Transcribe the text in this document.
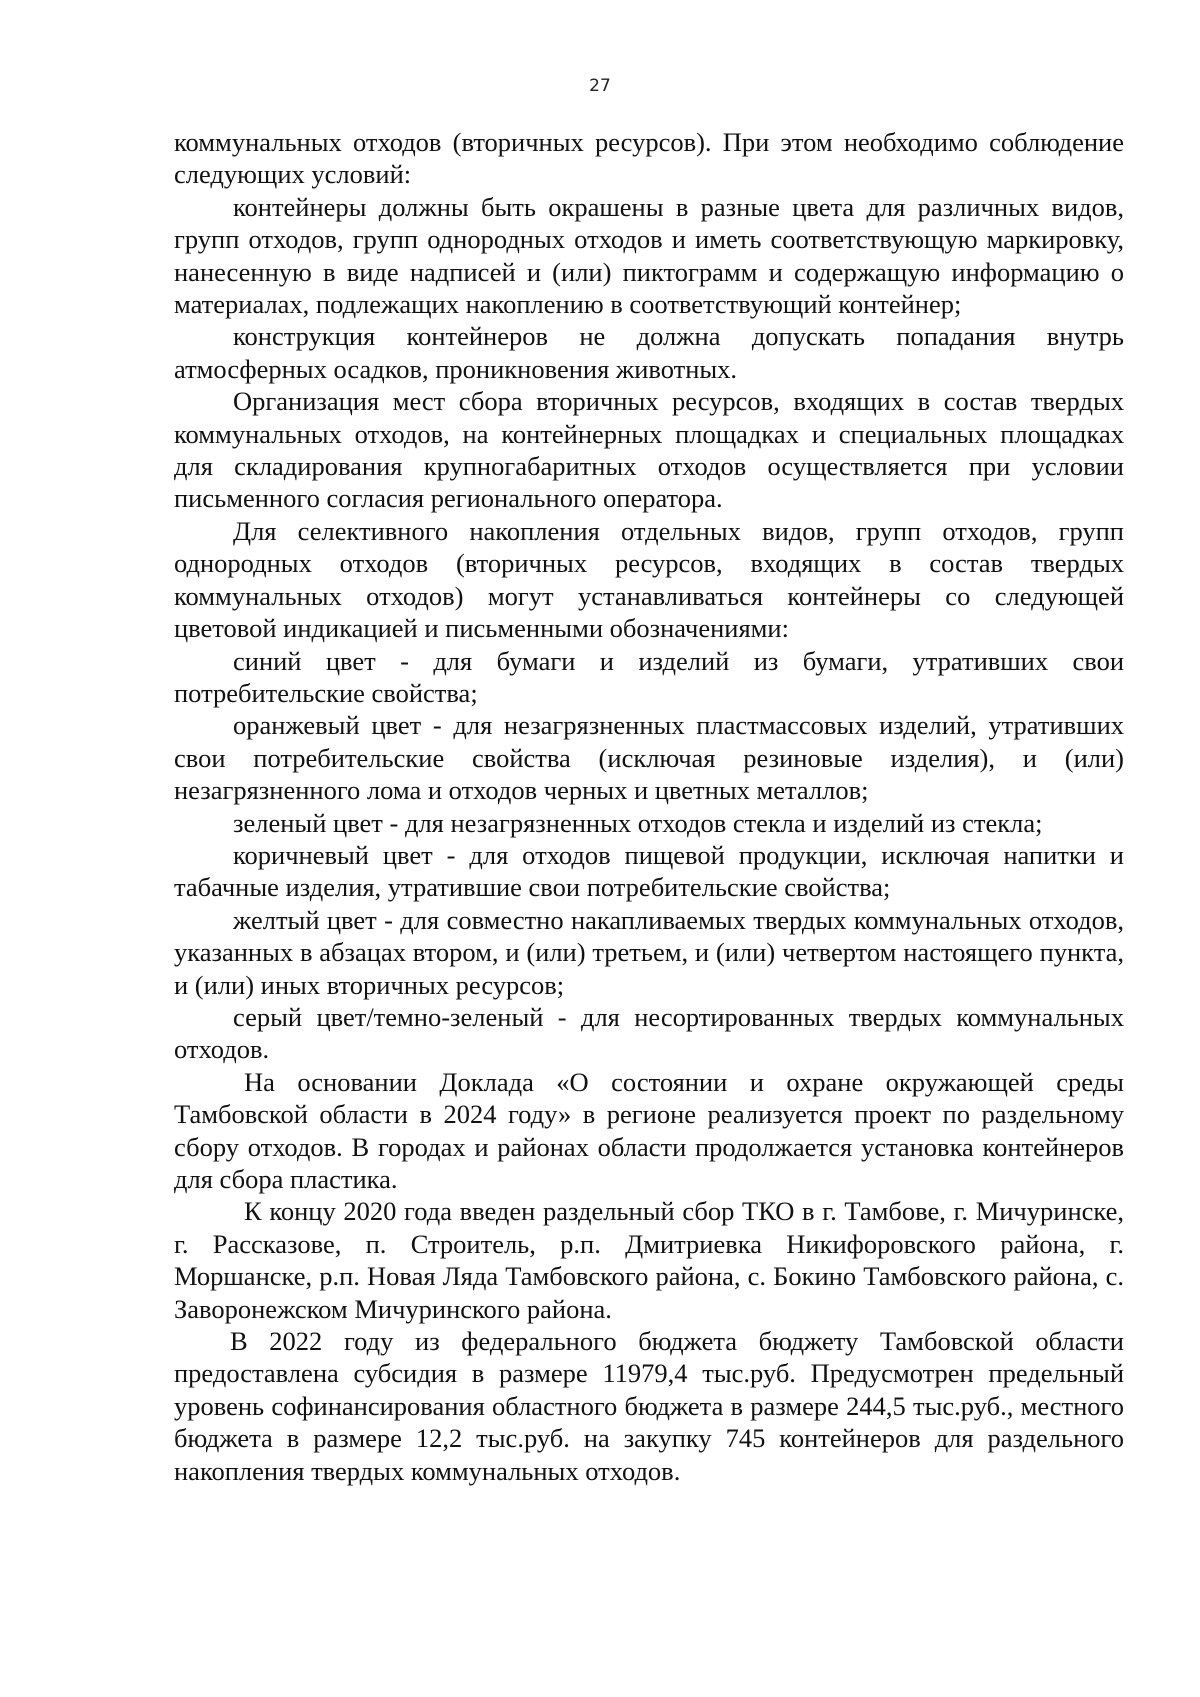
27

коммунальных отходов (вторичных ресурсов). При этом необходимо соблюдение следующих условий:

контейнеры должны быть окрашены в разные цвета для различных видов, групп отходов, групп однородных отходов и иметь соответствующую маркировку, нанесенную в виде надписей и (или) пиктограмм и содержащую информацию о материалах, подлежащих накоплению в соответствующий контейнер;

конструкция контейнеров не должна допускать попадания внутрь атмосферных осадков, проникновения животных.

Организация мест сбора вторичных ресурсов, входящих в состав твердых коммунальных отходов, на контейнерных площадках и специальных площадках для складирования крупногабаритных отходов осуществляется при условии письменного согласия регионального оператора.

Для селективного накопления отдельных видов, групп отходов, групп однородных отходов (вторичных ресурсов, входящих в состав твердых коммунальных отходов) могут устанавливаться контейнеры со следующей цветовой индикацией и письменными обозначениями:

синий цвет - для бумаги и изделий из бумаги, утративших свои потребительские свойства;

оранжевый цвет - для незагрязненных пластмассовых изделий, утративших свои потребительские свойства (исключая резиновые изделия), и (или) незагрязненного лома и отходов черных и цветных металлов;

зеленый цвет - для незагрязненных отходов стекла и изделий из стекла;

коричневый цвет - для отходов пищевой продукции, исключая напитки и табачные изделия, утратившие свои потребительские свойства;

желтый цвет - для совместно накапливаемых твердых коммунальных отходов, указанных в абзацах втором, и (или) третьем, и (или) четвертом настоящего пункта, и (или) иных вторичных ресурсов;

серый цвет/темно-зеленый - для несортированных твердых коммунальных отходов.

На основании Доклада «О состоянии и охране окружающей среды Тамбовской области в 2024 году» в регионе реализуется проект по раздельному сбору отходов. В городах и районах области продолжается установка контейнеров для сбора пластика.

К концу 2020 года введен раздельный сбор ТКО в г. Тамбове, г. Мичуринске, г. Рассказове, п. Строитель, р.п. Дмитриевка Никифоровского района, г. Моршанске, р.п. Новая Ляда Тамбовского района, с. Бокино Тамбовского района, с. Заворонежском Мичуринского района.

В 2022 году из федерального бюджета бюджету Тамбовской области предоставлена субсидия в размере 11979,4 тыс.руб. Предусмотрен предельный уровень софинансирования областного бюджета в размере 244,5 тыс.руб., местного бюджета в размере 12,2 тыс.руб. на закупку 745 контейнеров для раздельного накопления твердых коммунальных отходов.
